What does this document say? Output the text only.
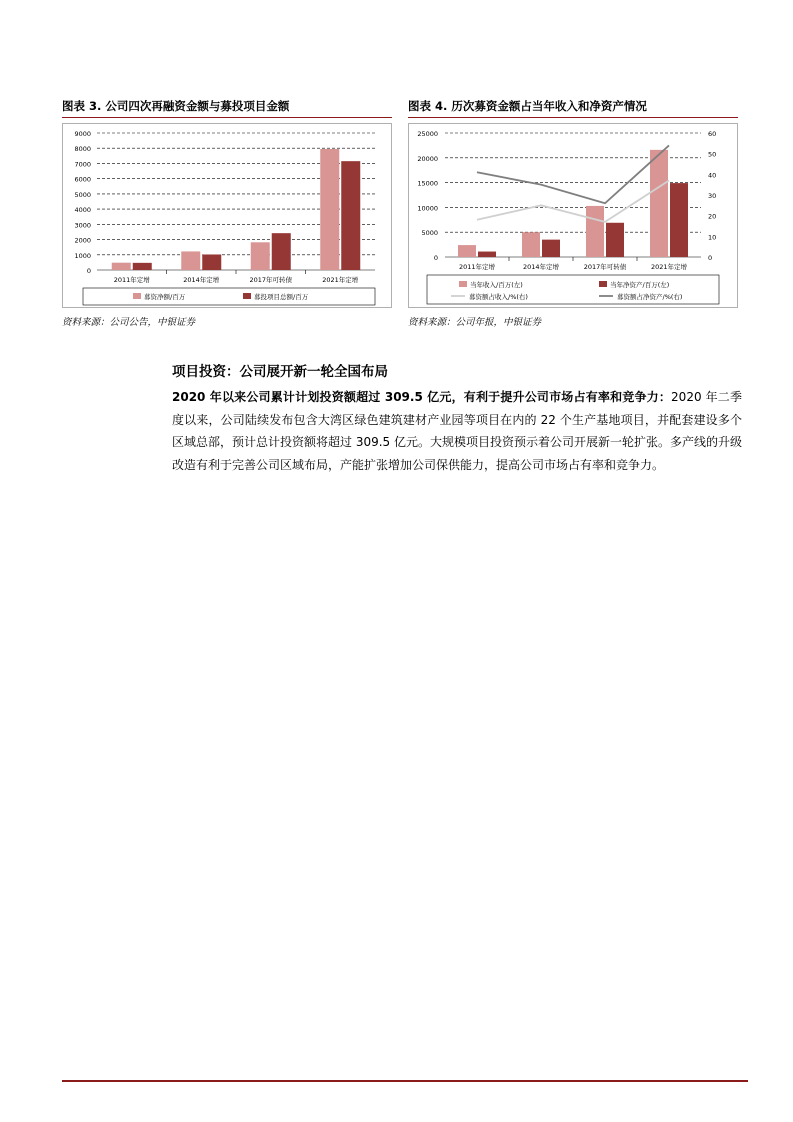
图表 3. 公司四次再融资金额与募投项目金额
0
1000
2000
3000
4000
5000
6000
7000
8000
9000
2011年定增	2014年定增	2017年可转债	2021年定增
募资净额/百万	募投项目总额/百万
资料来源：公司公告，中银证券
图表 4. 历次募资金额占当年收入和净资产情况
0
5000
10000
15000
20000
25000
0
10
20
30
40
50
60
2011年定增	2014年定增	2017年可转债	2021年定增
当年收入/百万(左)	当年净资产/百万(左)
募资额占收入/%(右)	募资额占净资产/%(右)
资料来源：公司年报，中银证券
项目投资：公司展开新一轮全国布局
2020 年以来公司累计计划投资额超过 309.5 亿元，有利于提升公司市场占有率和竞争力：2020 年二季度以来，公司陆续发布包含大湾区绿色建筑建材产业园等项目在内的 22 个生产基地项目，并配套建设多个区域总部，预计总计投资额将超过 309.5 亿元。大规模项目投资预示着公司开展新一轮扩张。多产线的升级改造有利于完善公司区域布局，产能扩张增加公司保供能力，提高公司市场占有率和竞争力。
